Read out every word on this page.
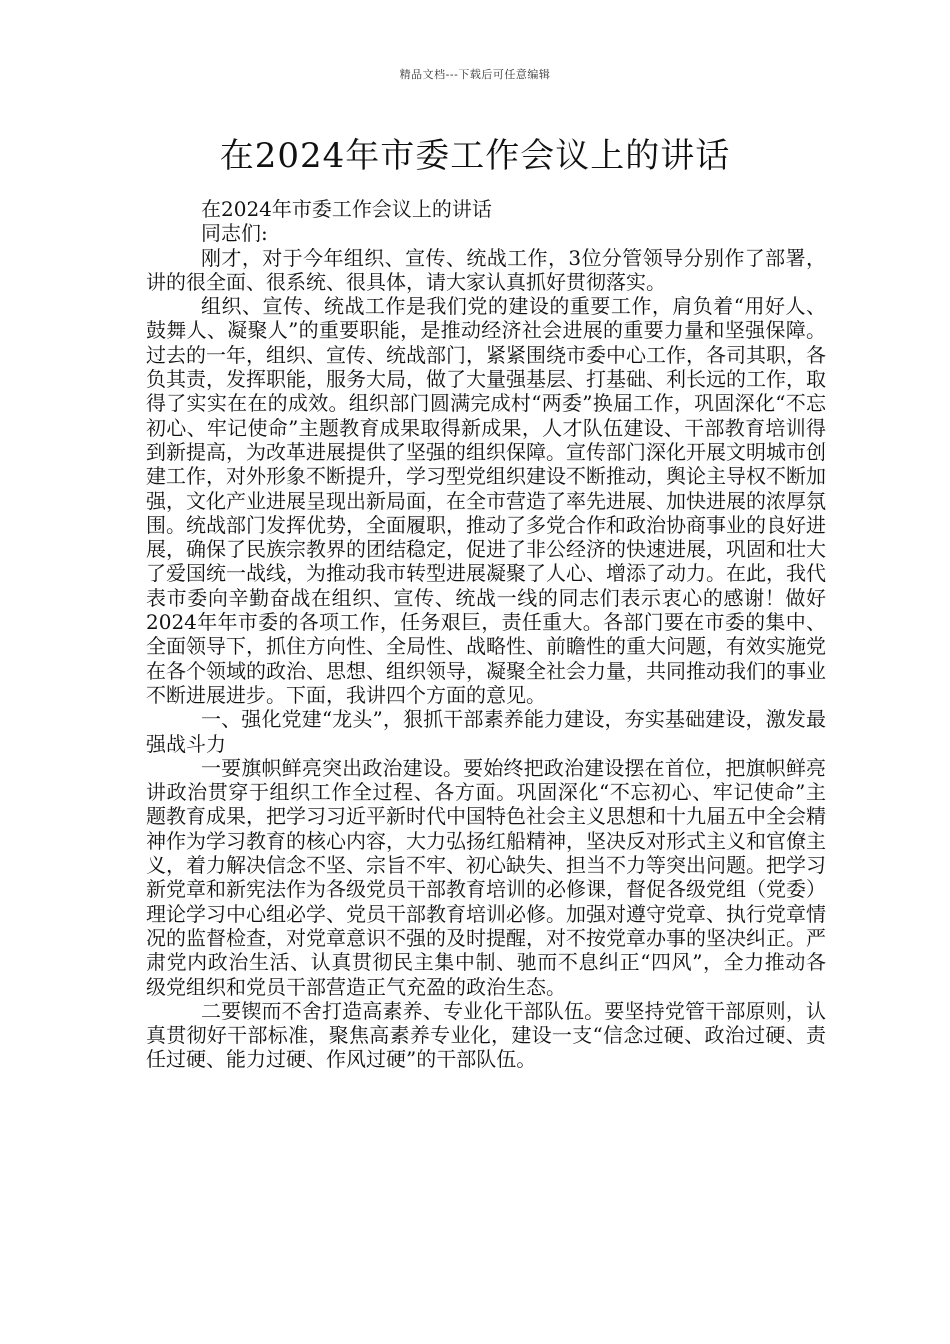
精品文档---下载后可任意编辑
在2024年市委工作会议上的讲话

在2024年市委工作会议上的讲话

同志们:

刚才，对于今年组织、宣传、统战工作，3位分管领导分别作了部署，讲的很全面、很系统、很具体，请大家认真抓好贯彻落实。

组织、宣传、统战工作是我们党的建设的重要工作，肩负着“用好人、鼓舞人、凝聚人”的重要职能，是推动经济社会进展的重要力量和坚强保障。过去的一年，组织、宣传、统战部门，紧紧围绕市委中心工作，各司其职，各负其责，发挥职能，服务大局，做了大量强基层、打基础、利长远的工作，取得了实实在在的成效。组织部门圆满完成村“两委”换届工作，巩固深化“不忘初心、牢记使命”主题教育成果取得新成果，人才队伍建设、干部教育培训得到新提高，为改革进展提供了坚强的组织保障。宣传部门深化开展文明城市创建工作，对外形象不断提升，学习型党组织建设不断推动，舆论主导权不断加强，文化产业进展呈现出新局面，在全市营造了率先进展、加快进展的浓厚氛围。统战部门发挥优势，全面履职，推动了多党合作和政治协商事业的良好进展，确保了民族宗教界的团结稳定，促进了非公经济的快速进展，巩固和壮大了爱国统一战线，为推动我市转型进展凝聚了人心、增添了动力。在此，我代表市委向辛勤奋战在组织、宣传、统战一线的同志们表示衷心的感谢！做好2024年年市委的各项工作，任务艰巨，责任重大。各部门要在市委的集中、全面领导下，抓住方向性、全局性、战略性、前瞻性的重大问题，有效实施党在各个领域的政治、思想、组织领导，凝聚全社会力量，共同推动我们的事业不断进展进步。下面，我讲四个方面的意见。

一、强化党建“龙头”，狠抓干部素养能力建设，夯实基础建设，激发最强战斗力

一要旗帜鲜亮突出政治建设。要始终把政治建设摆在首位，把旗帜鲜亮讲政治贯穿于组织工作全过程、各方面。巩固深化“不忘初心、牢记使命”主题教育成果，把学习习近平新时代中国特色社会主义思想和十九届五中全会精神作为学习教育的核心内容，大力弘扬红船精神，坚决反对形式主义和官僚主义，着力解决信念不坚、宗旨不牢、初心缺失、担当不力等突出问题。把学习新党章和新宪法作为各级党员干部教育培训的必修课，督促各级党组（党委）理论学习中心组必学、党员干部教育培训必修。加强对遵守党章、执行党章情况的监督检查，对党章意识不强的及时提醒，对不按党章办事的坚决纠正。严肃党内政治生活、认真贯彻民主集中制、驰而不息纠正“四风”，全力推动各级党组织和党员干部营造正气充盈的政治生态。

二要锲而不舍打造高素养、专业化干部队伍。要坚持党管干部原则，认真贯彻好干部标准，聚焦高素养专业化，建设一支“信念过硬、政治过硬、责任过硬、能力过硬、作风过硬”的干部队伍。
